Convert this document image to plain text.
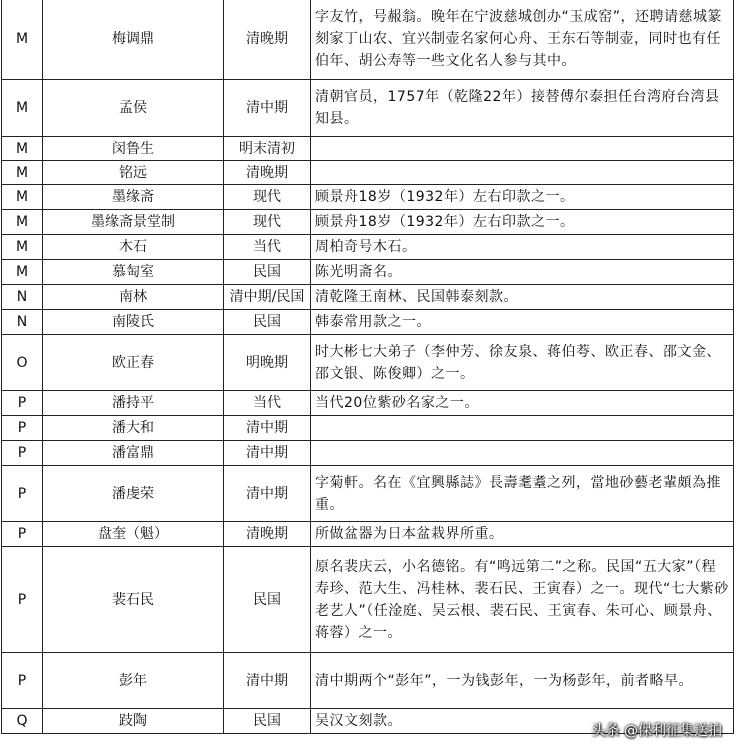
M	梅调鼎	清晚期	字友竹，号赧翁。晚年在宁波慈城创办“玉成窑”，还聘请慈城篆刻家丁山农、宜兴制壶名家何心舟、王东石等制壶，同时也有任伯年、胡公寿等一些文化名人参与其中。
M	孟侯	清中期	清朝官员，1757年（乾隆22年）接替傅尔泰担任台湾府台湾县知县。
M	闵鲁生	明末清初	
M	铭远	清晚期	
M	墨缘斋	现代	顾景舟18岁（1932年）左右印款之一。
M	墨缘斋景堂制	现代	顾景舟18岁（1932年）左右印款之一。
M	木石	当代	周柏奇号木石。
M	慕匋室	民国	陈光明斋名。
N	南林	清中期/民国	清乾隆王南林、民国韩泰刻款。
N	南陵氏	民国	韩泰常用款之一。
O	欧正春	明晚期	时大彬七大弟子（李仲芳、徐友泉、蒋伯荂、欧正春、邵文金、邵文银、陈俊卿）之一。
P	潘持平	当代	当代20位紫砂名家之一。
P	潘大和	清中期	
P	潘富鼎	清中期	
P	潘虔荣	清中期	字菊軒。名在《宜興縣誌》長壽耄耋之列，當地砂藝老輩頗為推重。
P	盘奎（魁）	清晚期	所做盆器为日本盆栽界所重。
P	裴石民	民国	原名裴庆云，小名德铭。有“鸣远第二”之称。民国“五大家”（程寿珍、范大生、冯桂林、裴石民、王寅春）之一。现代“七大紫砂老艺人”（任淦庭、吴云根、裴石民、王寅春、朱可心、顾景舟、蒋蓉）之一。
P	彭年	清中期	清中期两个“彭年”，一为钱彭年，一为杨彭年，前者略早。
Q	跂陶	民国	吴汉文刻款。
头条 @保利征集送拍
